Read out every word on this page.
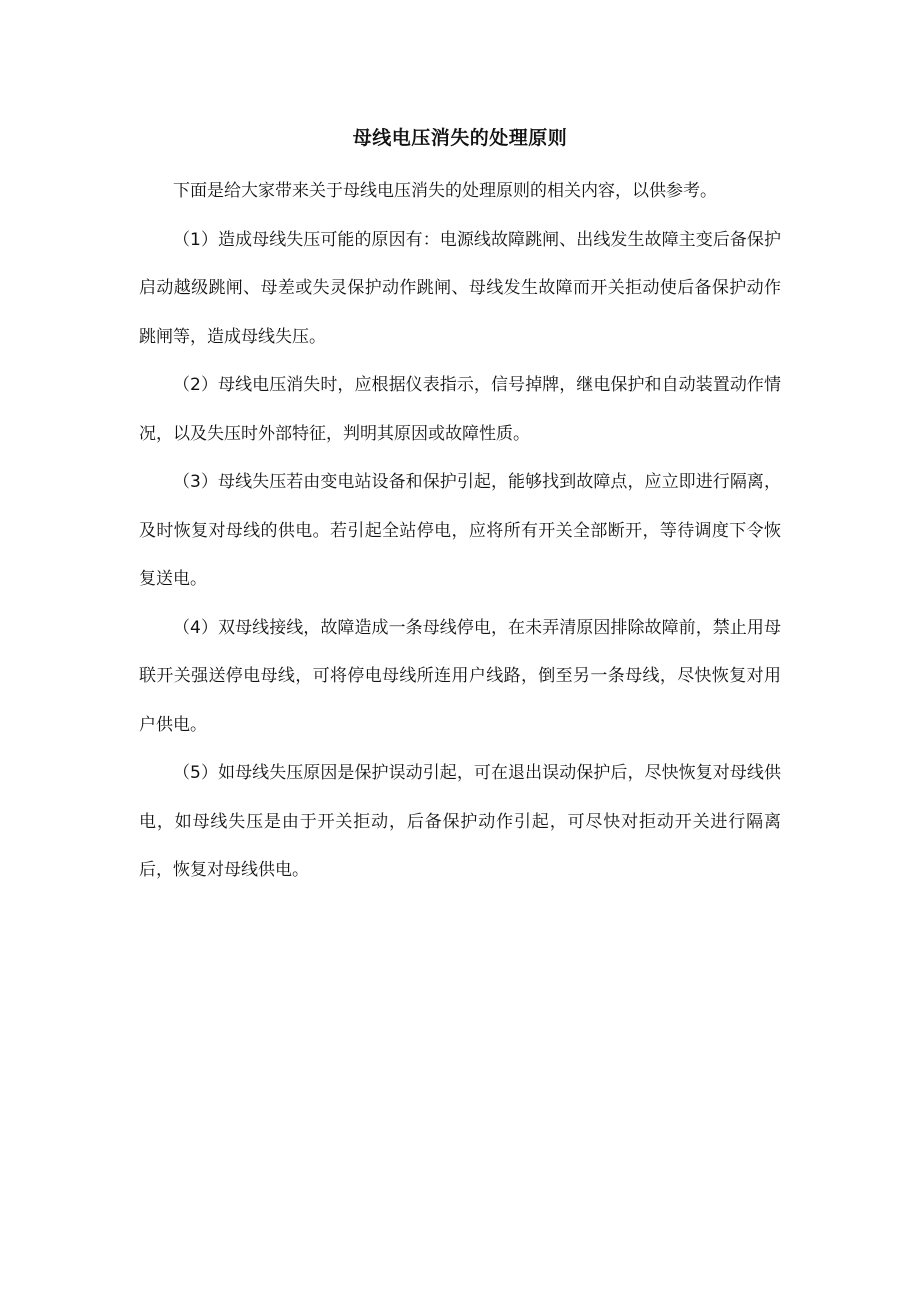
母线电压消失的处理原则

下面是给大家带来关于母线电压消失的处理原则的相关内容，以供参考。

（1）造成母线失压可能的原因有：电源线故障跳闸、出线发生故障主变后备保护启动越级跳闸、母差或失灵保护动作跳闸、母线发生故障而开关拒动使后备保护动作跳闸等，造成母线失压。

（2）母线电压消失时，应根据仪表指示，信号掉牌，继电保护和自动装置动作情况，以及失压时外部特征，判明其原因或故障性质。

（3）母线失压若由变电站设备和保护引起，能够找到故障点，应立即进行隔离，及时恢复对母线的供电。若引起全站停电，应将所有开关全部断开，等待调度下令恢复送电。

（4）双母线接线，故障造成一条母线停电，在未弄清原因排除故障前，禁止用母联开关强送停电母线，可将停电母线所连用户线路，倒至另一条母线，尽快恢复对用户供电。

（5）如母线失压原因是保护误动引起，可在退出误动保护后，尽快恢复对母线供电，如母线失压是由于开关拒动，后备保护动作引起，可尽快对拒动开关进行隔离后，恢复对母线供电。
